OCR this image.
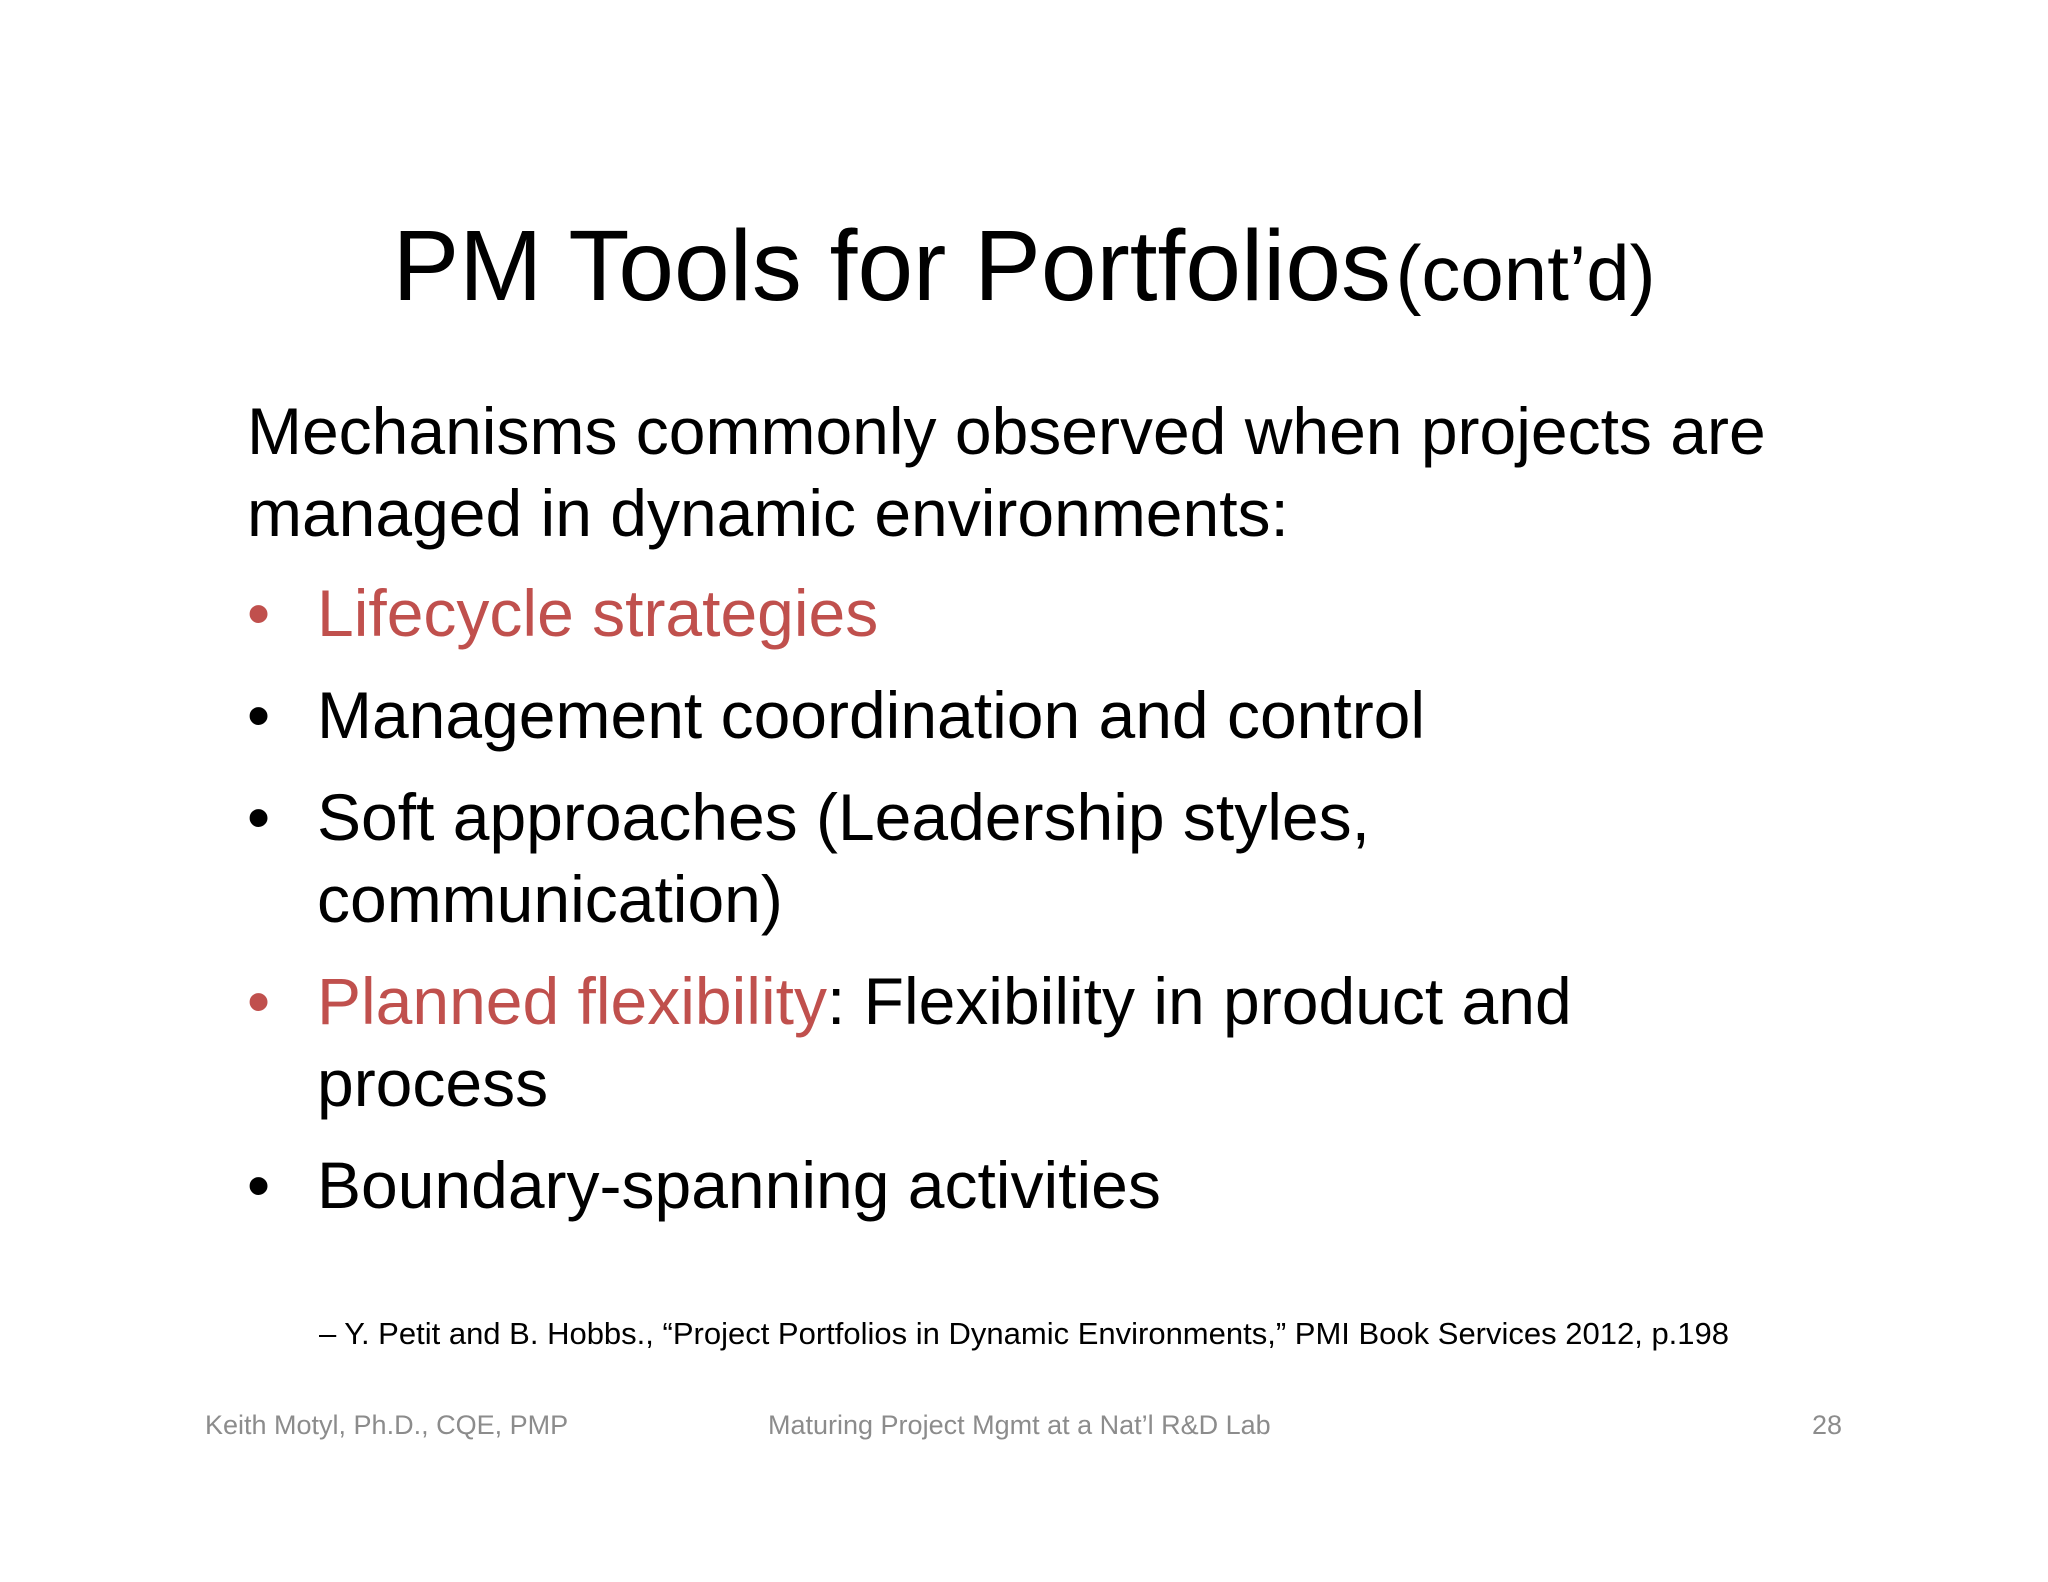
PM Tools for Portfolios (cont’d)
Mechanisms commonly observed when projects are managed in dynamic environments:
• Lifecycle strategies
• Management coordination and control
• Soft approaches (Leadership styles, communication)
• Planned flexibility: Flexibility in product and process
• Boundary-spanning activities
– Y. Petit and B. Hobbs., “Project Portfolios in Dynamic Environments,” PMI Book Services 2012, p.198
Keith Motyl, Ph.D., CQE, PMP	Maturing Project Mgmt at a Nat’l R&D Lab	28
